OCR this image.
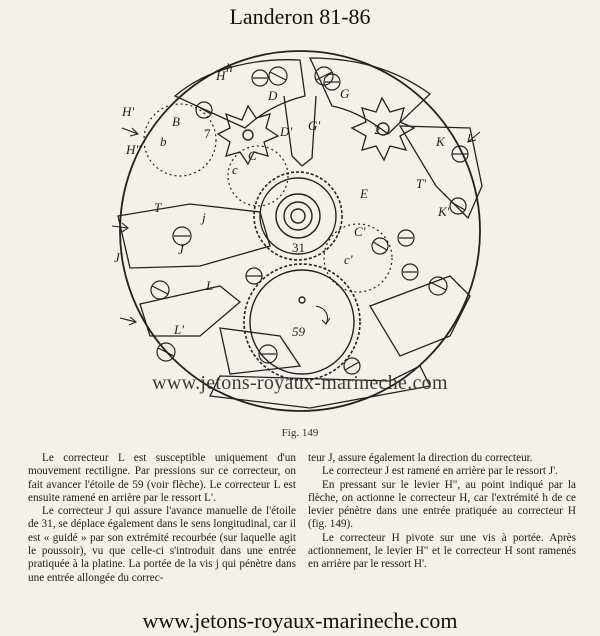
Landeron 81-86
h
H
H'
H"
B
b
D
D'
G
G'
K
K'
T
T'
j
J
J'
C
c
C'
c'
E
L
L'
7	2
31
59
www.jetons-royaux-marineche.com
Fig. 149

Le correcteur L est susceptible uniquement d'un mouvement rectiligne. Par pressions sur ce correcteur, on fait avancer l'étoile de 59 (voir flèche). Le correcteur L est ensuite ramené en arrière par le ressort L'.

Le correcteur J qui assure l'avance manuelle de l'étoile de 31, se déplace également dans le sens longitudinal, car il est « guidé » par son extrémité recourbée (sur laquelle agit le poussoir), vu que celle-ci s'introduit dans une entrée pratiquée à la platine. La portée de la vis j qui pénètre dans une entrée allongée du correc-

teur J, assure également la direction du correcteur.

Le correcteur J est ramené en arrière par le ressort J'.

En pressant sur le levier H", au point indiqué par la flèche, on actionne le correcteur H, car l'extrémité h de ce levier pénètre dans une entrée pratiquée au correcteur H (fig. 149).

Le correcteur H pivote sur une vis à portée. Après actionnement, le levier H" et le correcteur H sont ramenés en arrière par le ressort H'.

www.jetons-royaux-marineche.com
